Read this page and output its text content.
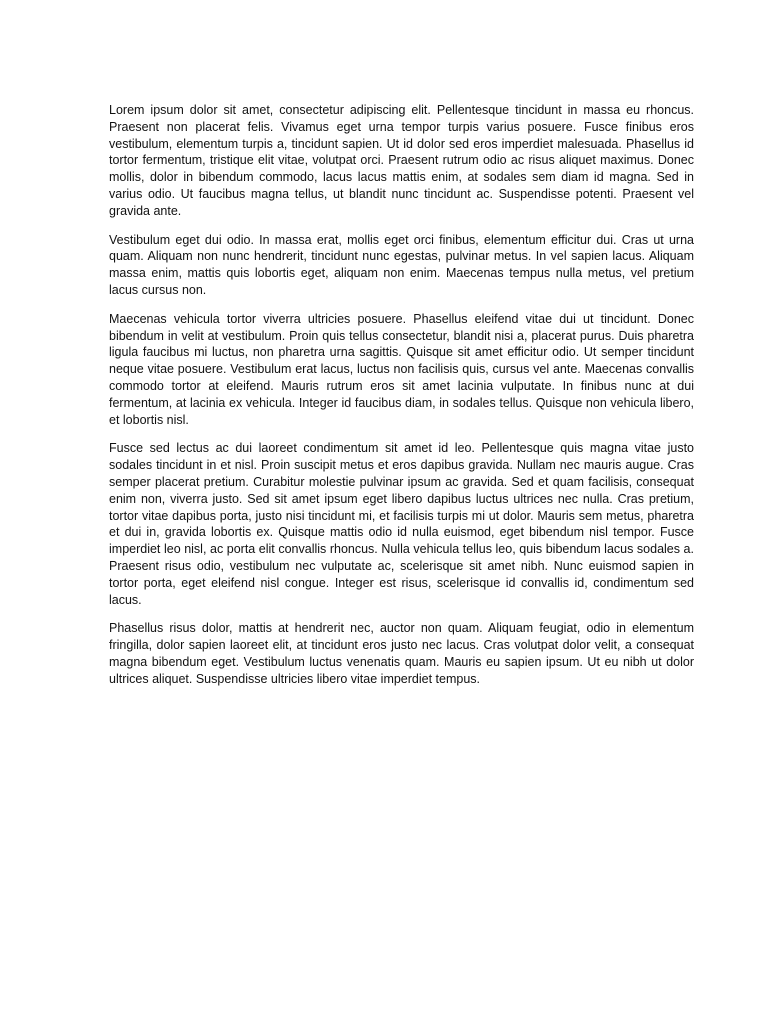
Lorem ipsum dolor sit amet, consectetur adipiscing elit. Pellentesque tincidunt in massa eu rhoncus. Praesent non placerat felis. Vivamus eget urna tempor turpis varius posuere. Fusce finibus eros vestibulum, elementum turpis a, tincidunt sapien. Ut id dolor sed eros imperdiet malesuada. Phasellus id tortor fermentum, tristique elit vitae, volutpat orci. Praesent rutrum odio ac risus aliquet maximus. Donec mollis, dolor in bibendum commodo, lacus lacus mattis enim, at sodales sem diam id magna. Sed in varius odio. Ut faucibus magna tellus, ut blandit nunc tincidunt ac. Suspendisse potenti. Praesent vel gravida ante.

Vestibulum eget dui odio. In massa erat, mollis eget orci finibus, elementum efficitur dui. Cras ut urna quam. Aliquam non nunc hendrerit, tincidunt nunc egestas, pulvinar metus. In vel sapien lacus. Aliquam massa enim, mattis quis lobortis eget, aliquam non enim. Maecenas tempus nulla metus, vel pretium lacus cursus non.

Maecenas vehicula tortor viverra ultricies posuere. Phasellus eleifend vitae dui ut tincidunt. Donec bibendum in velit at vestibulum. Proin quis tellus consectetur, blandit nisi a, placerat purus. Duis pharetra ligula faucibus mi luctus, non pharetra urna sagittis. Quisque sit amet efficitur odio. Ut semper tincidunt neque vitae posuere. Vestibulum erat lacus, luctus non facilisis quis, cursus vel ante. Maecenas convallis commodo tortor at eleifend. Mauris rutrum eros sit amet lacinia vulputate. In finibus nunc at dui fermentum, at lacinia ex vehicula. Integer id faucibus diam, in sodales tellus. Quisque non vehicula libero, et lobortis nisl.

Fusce sed lectus ac dui laoreet condimentum sit amet id leo. Pellentesque quis magna vitae justo sodales tincidunt in et nisl. Proin suscipit metus et eros dapibus gravida. Nullam nec mauris augue. Cras semper placerat pretium. Curabitur molestie pulvinar ipsum ac gravida. Sed et quam facilisis, consequat enim non, viverra justo. Sed sit amet ipsum eget libero dapibus luctus ultrices nec nulla. Cras pretium, tortor vitae dapibus porta, justo nisi tincidunt mi, et facilisis turpis mi ut dolor. Mauris sem metus, pharetra et dui in, gravida lobortis ex. Quisque mattis odio id nulla euismod, eget bibendum nisl tempor. Fusce imperdiet leo nisl, ac porta elit convallis rhoncus. Nulla vehicula tellus leo, quis bibendum lacus sodales a. Praesent risus odio, vestibulum nec vulputate ac, scelerisque sit amet nibh. Nunc euismod sapien in tortor porta, eget eleifend nisl congue. Integer est risus, scelerisque id convallis id, condimentum sed lacus.

Phasellus risus dolor, mattis at hendrerit nec, auctor non quam. Aliquam feugiat, odio in elementum fringilla, dolor sapien laoreet elit, at tincidunt eros justo nec lacus. Cras volutpat dolor velit, a consequat magna bibendum eget. Vestibulum luctus venenatis quam. Mauris eu sapien ipsum. Ut eu nibh ut dolor ultrices aliquet. Suspendisse ultricies libero vitae imperdiet tempus.
